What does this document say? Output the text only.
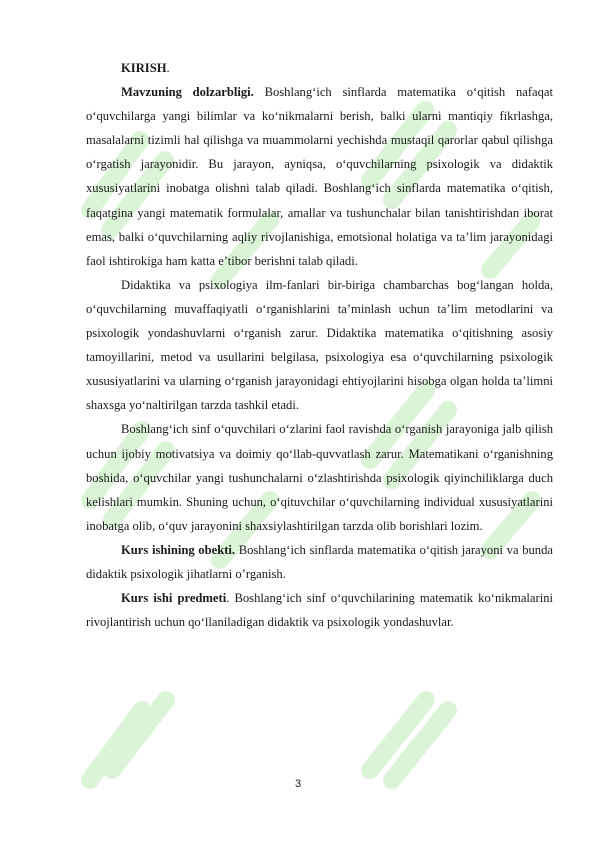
KIRISH.

Mavzuning dolzarbligi. Boshlang‘ich sinflarda matematika o‘qitish nafaqat o‘quvchilarga yangi bilimlar va ko‘nikmalarni berish, balki ularni mantiqiy fikrlashga, masalalarni tizimli hal qilishga va muammolarni yechishda mustaqil qarorlar qabul qilishga o‘rgatish jarayonidir. Bu jarayon, ayniqsa, o‘quvchilarning psixologik va didaktik xususiyatlarini inobatga olishni talab qiladi. Boshlang‘ich sinflarda matematika o‘qitish, faqatgina yangi matematik formulalar, amallar va tushunchalar bilan tanishtirishdan iborat emas, balki o‘quvchilarning aqliy rivojlanishiga, emotsional holatiga va ta’lim jarayonidagi faol ishtirokiga ham katta e’tibor berishni talab qiladi.

Didaktika va psixologiya ilm-fanlari bir-biriga chambarchas bog‘langan holda, o‘quvchilarning muvaffaqiyatli o‘rganishlarini ta’minlash uchun ta’lim metodlarini va psixologik yondashuvlarni o‘rganish zarur. Didaktika matematika o‘qitishning asosiy tamoyillarini, metod va usullarini belgilasa, psixologiya esa o‘quvchilarning psixologik xususiyatlarini va ularning o‘rganish jarayonidagi ehtiyojlarini hisobga olgan holda ta’limni shaxsga yo‘naltirilgan tarzda tashkil etadi.

Boshlang‘ich sinf o‘quvchilari o‘zlarini faol ravishda o‘rganish jarayoniga jalb qilish uchun ijobiy motivatsiya va doimiy qo‘llab-quvvatlash zarur. Matematikani o‘rganishning boshida, o‘quvchilar yangi tushunchalarni o‘zlashtirishda psixologik qiyinchiliklarga duch kelishlari mumkin. Shuning uchun, o‘qituvchilar o‘quvchilarning individual xususiyatlarini inobatga olib, o‘quv jarayonini shaxsiylashtirilgan tarzda olib borishlari lozim.

Kurs ishining obekti. Boshlang‘ich sinflarda matematika o‘qitish jarayoni va bunda didaktik psixologik jihatlarni o’rganish.

Kurs ishi predmeti. Boshlang‘ich sinf o‘quvchilarining matematik ko‘nikmalarini rivojlantirish uchun qo‘llaniladigan didaktik va psixologik yondashuvlar.

3
